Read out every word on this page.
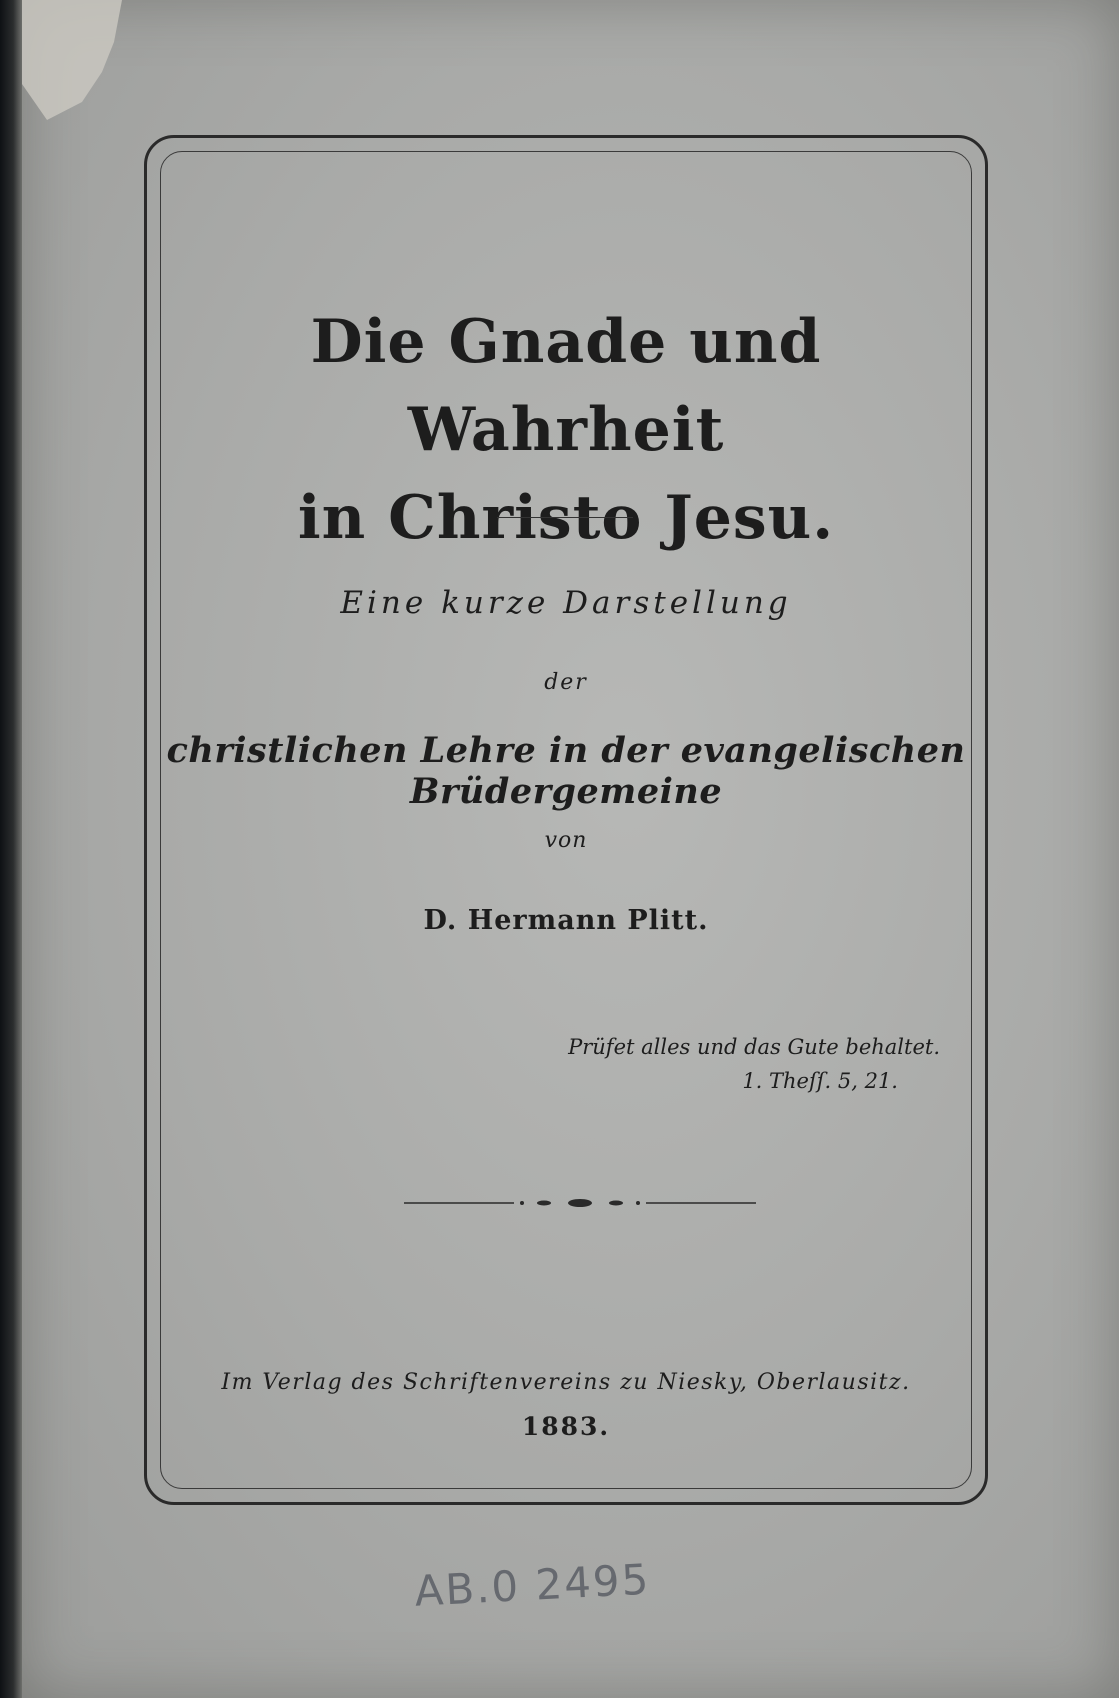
Die Gnade und Wahrheit
in Christo Jesu.
Eine kurze Darstellung
der
christlichen Lehre in der evangelischen Brüdergemeine
von
D. Hermann Plitt.
Prüfet alles und das Gute behaltet.
1. Theſſ. 5, 21.
Im Verlag des Schriftenvereins zu Niesky, Oberlausitz.
1883.
AB.0 2495
